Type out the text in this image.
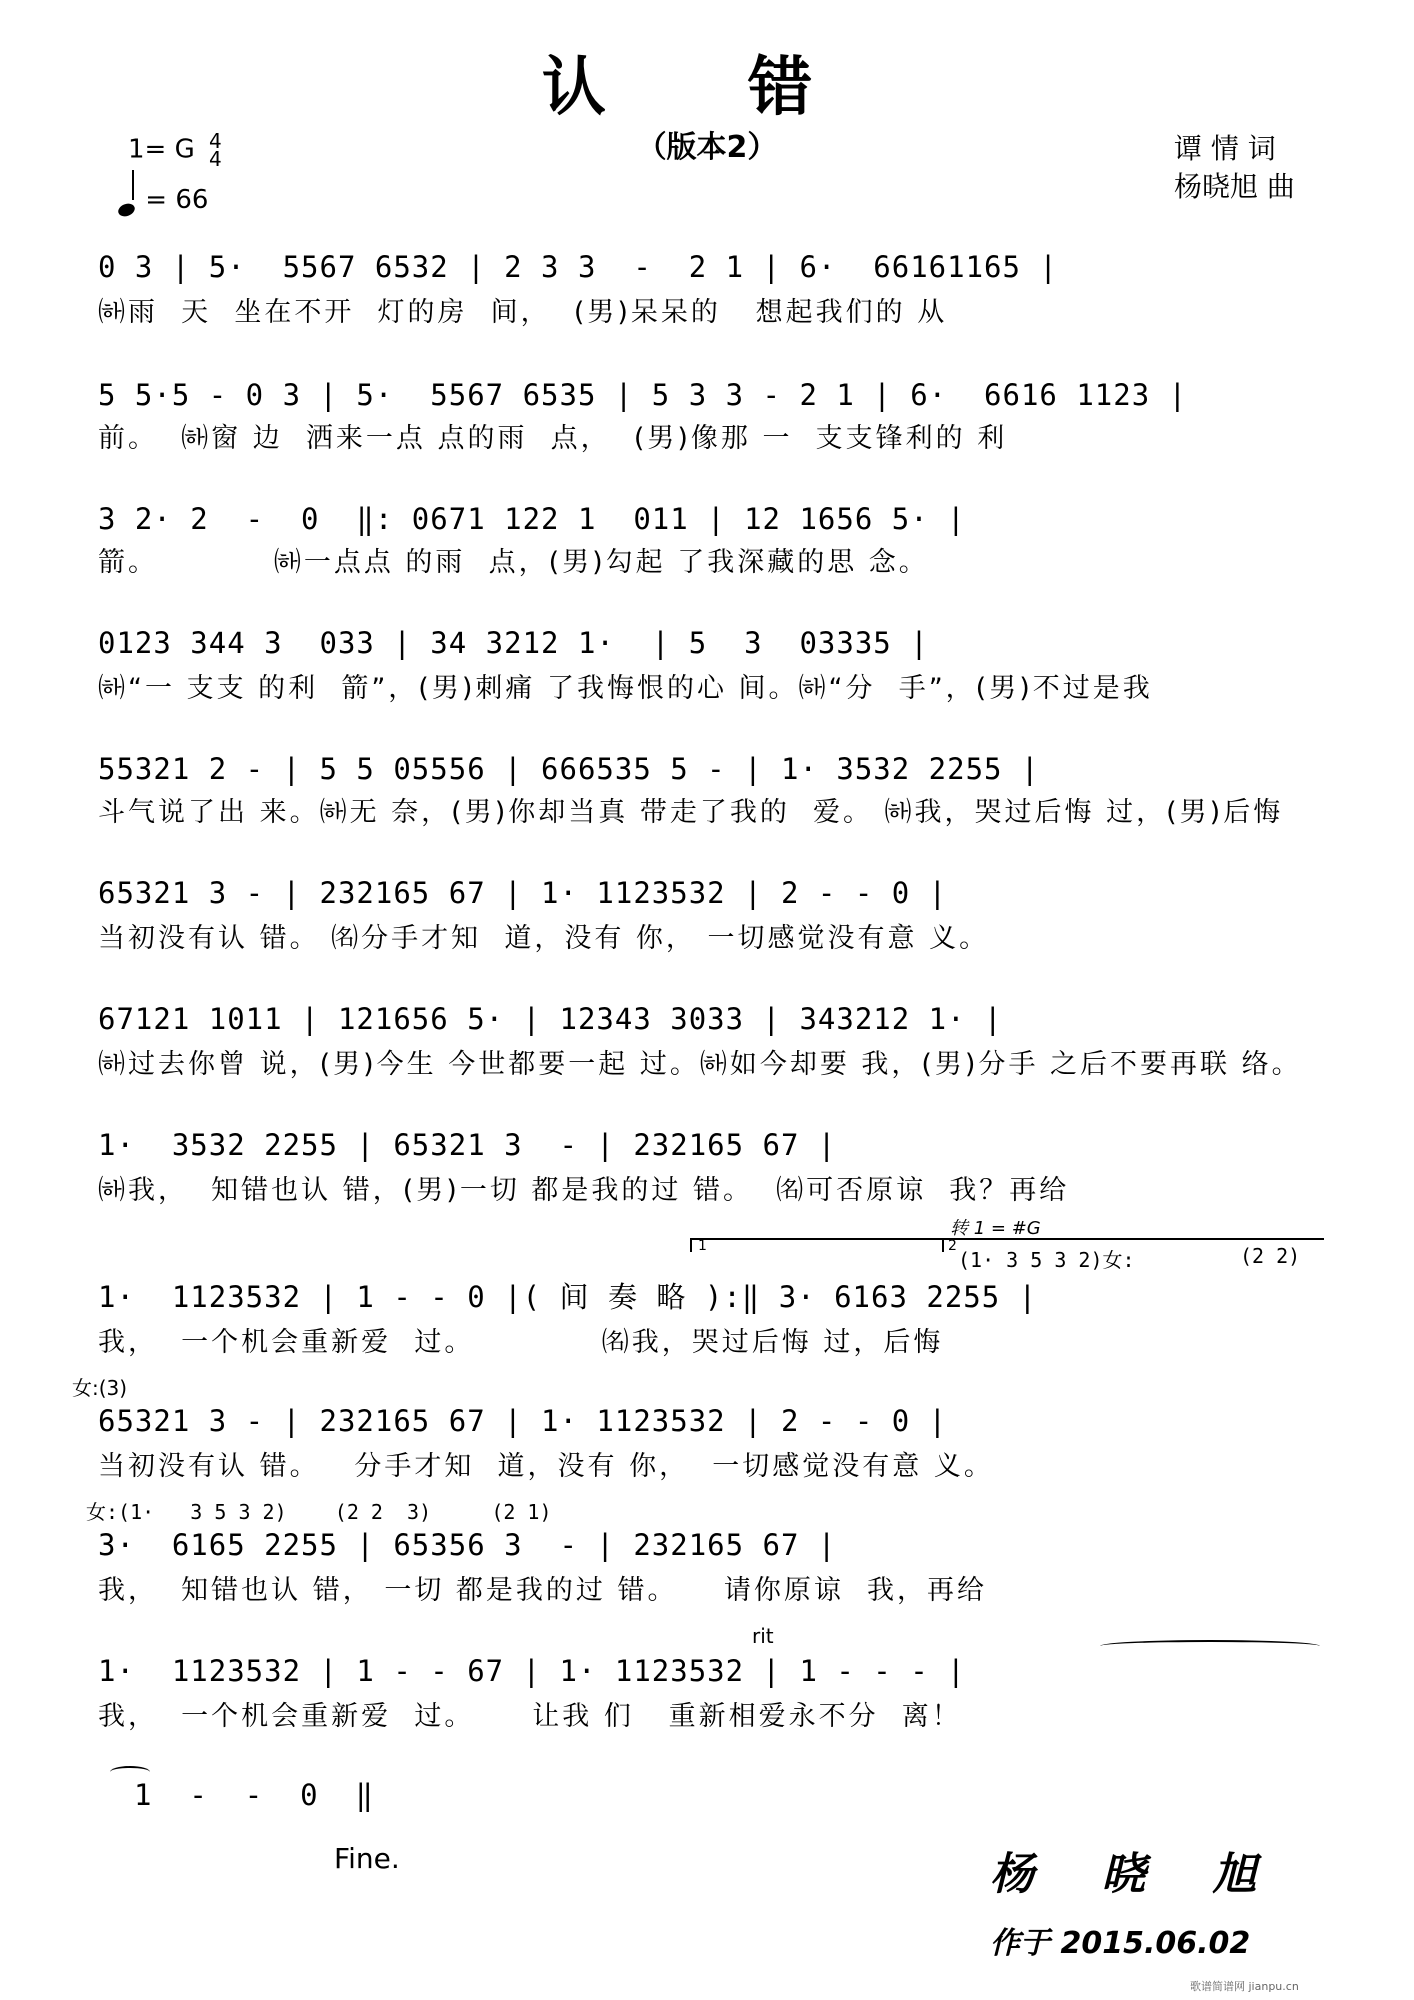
认 错
（版本2）
1= G 4
4
= 66
谭 情 词
杨晓旭 曲
0 3 | 5·  5567 6532 | 2 3 3  -  2 1 | 6·  66161165 |
㈛雨  天  坐在不开  灯的房  间，  (男)呆呆的   想起我们的 从
5 5·5 - 0 3 | 5·  5567 6535 | 5 3 3 - 2 1 | 6·  6616 1123 |
前。  ㈛窗 边  洒来一点 点的雨  点，  (男)像那 一  支支锋利的 利
3 2· 2  -  0  ‖: 0671 122 1  011 | 12 1656 5· |
箭。          ㈛一点点 的雨  点，(男)勾起 了我深藏的思 念。
0123 344 3  033 | 34 3212 1·  | 5  3  03335 |
㈛“一 支支 的利  箭”，(男)刺痛 了我悔恨的心 间。㈛“分  手”，(男)不过是我
55321 2 - | 5 5 05556 | 666535 5 - | 1· 3532 2255 |
斗气说了出 来。㈛无 奈，(男)你却当真 带走了我的  爱。 ㈛我，哭过后悔 过，(男)后悔
65321 3 - | 232165 67 | 1· 1123532 | 2 - - 0 |
当初没有认 错。 ㈴分手才知  道，没有 你， 一切感觉没有意 义。
67121 1011 | 121656 5· | 12343 3033 | 343212 1· |
㈛过去你曾 说，(男)今生 今世都要一起 过。㈛如今却要 我，(男)分手 之后不要再联 络。
1·  3532 2255 | 65321 3  - | 232165 67 |
㈛我，  知错也认 错，(男)一切 都是我的过 错。  ㈴可否原谅  我？再给
1	2
转 1 = #G
(1· 3 5 3 2)女:	(2 2)
1·  1123532 | 1 - - 0 |( 间 奏 略 ):‖ 3· 6163 2255 |
我，  一个机会重新爱  过。           ㈴我，哭过后悔 过，后悔
女:(3)
65321 3 - | 232165 67 | 1· 1123532 | 2 - - 0 |
当初没有认 错。   分手才知  道，没有 你，  一切感觉没有意 义。
女:(1·   3 5 3 2)    (2 2  3)     (2 1)
3·  6165 2255 | 65356 3  - | 232165 67 |
我，  知错也认 错， 一切 都是我的过 错。    请你原谅  我，再给
rit
1·  1123532 | 1 - - 67 | 1· 1123532 | 1 - - - |
我，  一个机会重新爱  过。     让我 们   重新相爱永不分  离！
1  -  -  0  ‖
Fine.	杨 晓 旭
作于 2015.06.02
歌谱简谱网 jianpu.cn
